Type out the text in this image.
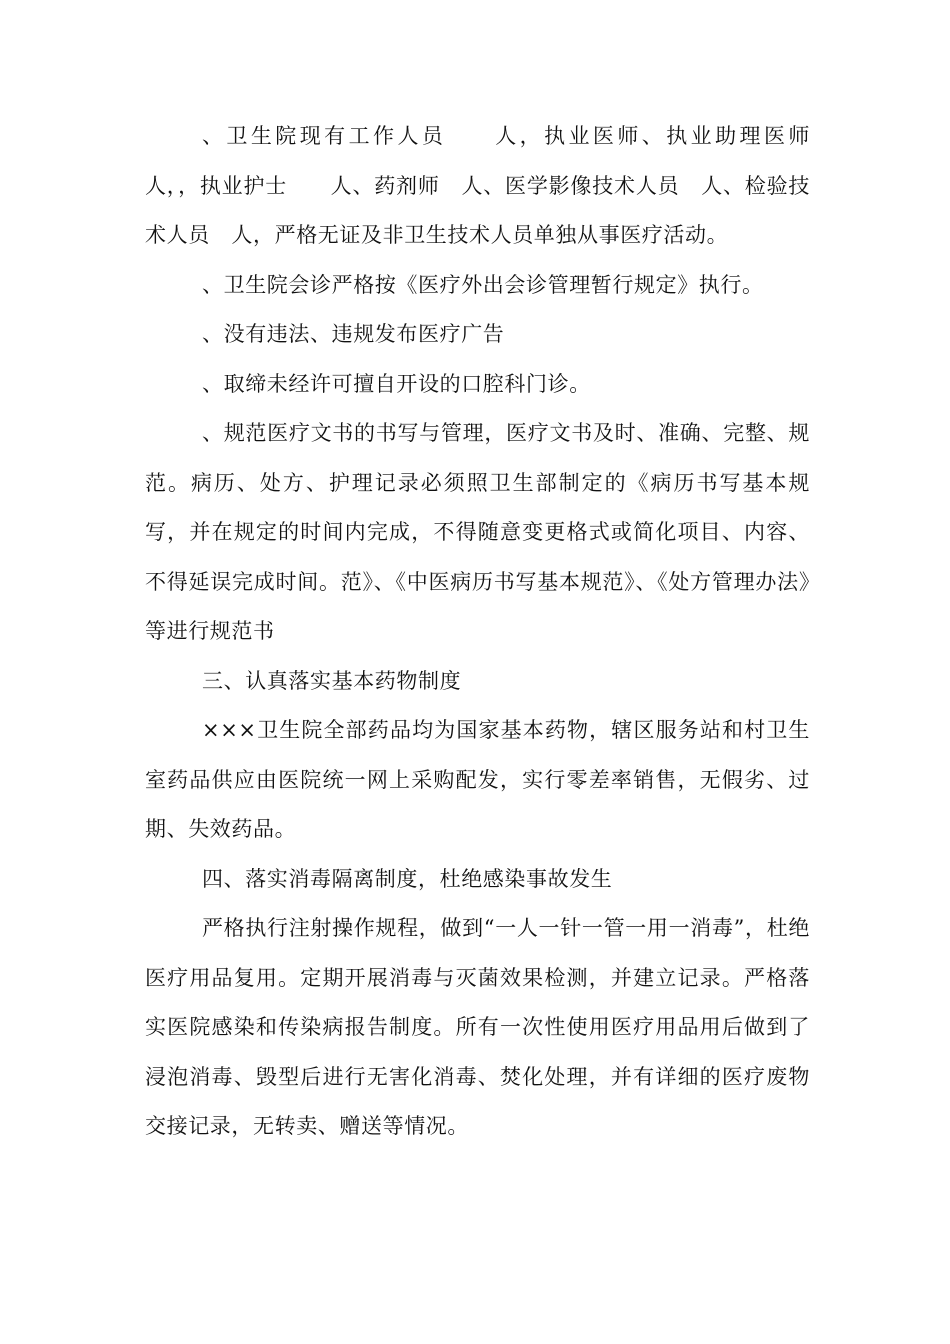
、卫生院现有工作人员　　人，执业医师、执业助理医师　　人，，执业护士　　人、药剂师　人、医学影像技术人员　人、检验技术人员　人，严格无证及非卫生技术人员单独从事医疗活动。

、卫生院会诊严格按《医疗外出会诊管理暂行规定》执行。

、没有违法、违规发布医疗广告

、取缔未经许可擅自开设的口腔科门诊。

、规范医疗文书的书写与管理，医疗文书及时、准确、完整、规范。病历、处方、护理记录必须照卫生部制定的《病历书写基本规写，并在规定的时间内完成，不得随意变更格式或简化项目、内容、不得延误完成时间。范》、《中医病历书写基本规范》、《处方管理办法》等进行规范书

三、认真落实基本药物制度

×××卫生院全部药品均为国家基本药物，辖区服务站和村卫生室药品供应由医院统一网上采购配发，实行零差率销售，无假劣、过期、失效药品。

四、落实消毒隔离制度，杜绝感染事故发生

严格执行注射操作规程，做到“一人一针一管一用一消毒”，杜绝医疗用品复用。定期开展消毒与灭菌效果检测，并建立记录。严格落实医院感染和传染病报告制度。所有一次性使用医疗用品用后做到了浸泡消毒、毁型后进行无害化消毒、焚化处理，并有详细的医疗废物交接记录，无转卖、赠送等情况。
